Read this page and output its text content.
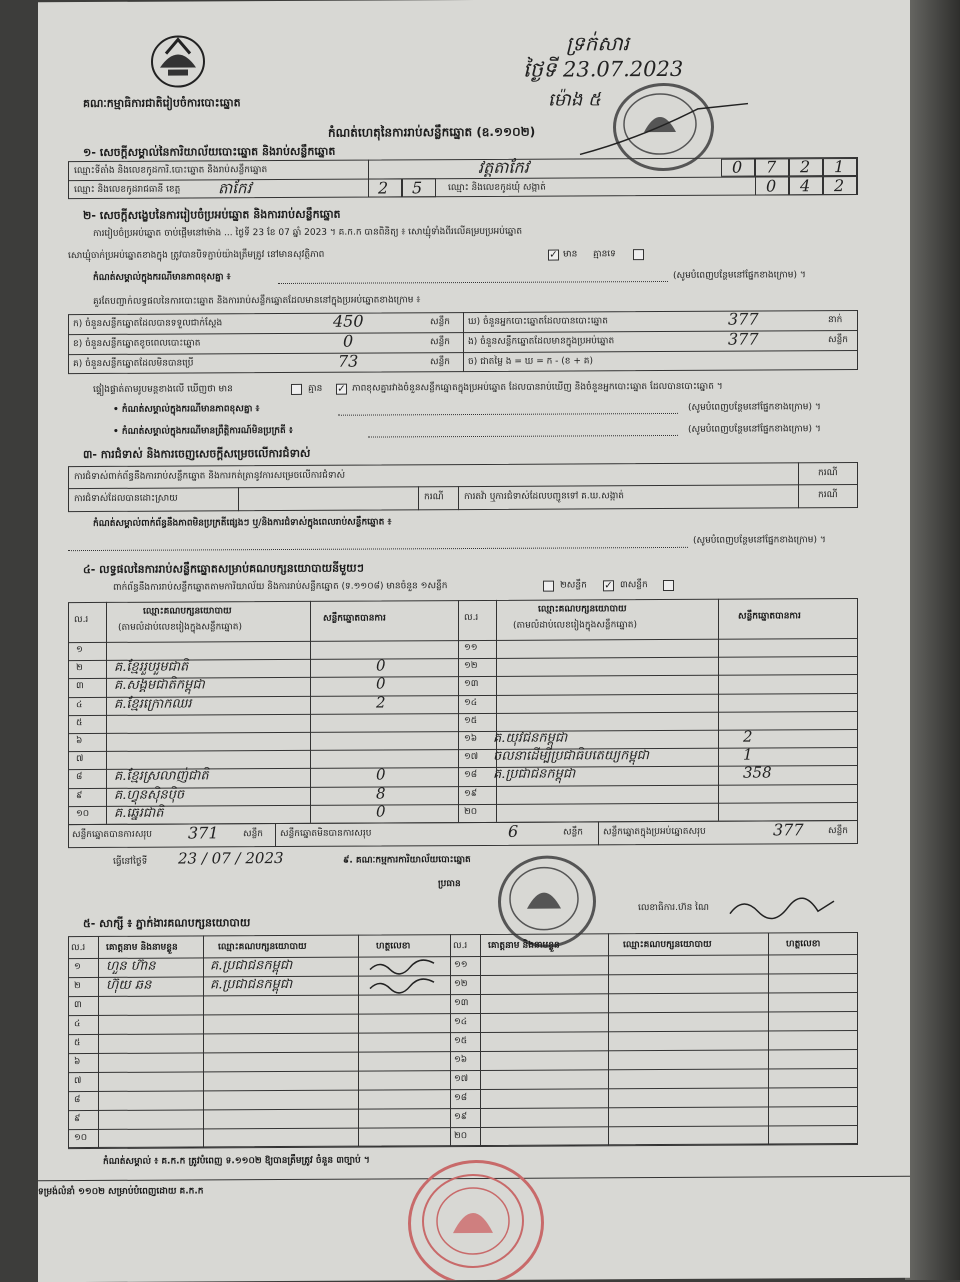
គណៈកម្មាធិការជាតិរៀបចំការបោះឆ្នោត
ទ្រក់សារ
ថ្ងៃទី 23.07.2023
ម៉ោង ៥
កំណត់ហេតុនៃការរាប់សន្លឹកឆ្នោត (ឧ.១១០២)
១- សេចក្ដីសម្គាល់នៃការិយាល័យបោះឆ្នោត និងរាប់សន្លឹកឆ្នោត
ឈ្មោះទីតាំង និងលេខកូដការិ.បោះឆ្នោត និងរាប់សន្លឹកឆ្នោត	វត្តតាកែវ	0 7 2 1
ឈ្មោះ និងលេខកូដរាជធានី ខេត្ត	តាកែវ	2 5	ឈ្មោះ និងលេខកូដឃុំ សង្កាត់	0 4 2
២- សេចក្ដីសង្ខេបនៃការរៀបចំប្រអប់ឆ្នោត និងការរាប់សន្លឹកឆ្នោត
ការរៀបចំប្រអប់ឆ្នោត ចាប់ផ្ដើមនៅម៉ោង ... ថ្ងៃទី 23 ខែ 07 ឆ្នាំ 2023 ។ គ.ក.ក បានពិនិត្យ ៖ សោឃ្មុំទាំងពីរលើគម្របប្រអប់ឆ្នោត
សោឃ្មុំចាក់ប្រអប់ឆ្នោតខាងក្នុង ត្រូវបានបិទភ្ជាប់យ៉ាងត្រឹមត្រូវ នៅមានសុវត្ថិភាព	✓ មាន គ្មានទេ
កំណត់សម្គាល់ក្នុងករណីមានភាពខុសគ្នា ៖	(សូមបំពេញបន្ថែមនៅផ្នែកខាងក្រោម) ។
គួរតែបញ្ជាក់លទ្ធផលនៃការបោះឆ្នោត និងការរាប់សន្លឹកឆ្នោតដែលមាននៅក្នុងប្រអប់ឆ្នោតខាងក្រោម ៖
ក) ចំនួនសន្លឹកឆ្នោតដែលបានទទួលជាក់ស្ដែង	450	សន្លឹក ឃ) ចំនួនអ្នកបោះឆ្នោតដែលបានបោះឆ្នោត	377	នាក់
ខ) ចំនួនសន្លឹកឆ្នោតខូចពេលបោះឆ្នោត	0	សន្លឹក ង) ចំនួនសន្លឹកឆ្នោតដែលមានក្នុងប្រអប់ឆ្នោត	377	សន្លឹក
គ) ចំនួនសន្លឹកឆ្នោតដែលមិនបានប្រើ	73	សន្លឹក ច) ជាតម្លៃ ង = ឃ = ក - (ខ + គ)
ផ្ទៀងផ្ទាត់តាមរូបមន្តខាងលើ ឃើញថា មាន	គ្មាន ✓ ភាពខុសគ្នារវាងចំនួនសន្លឹកឆ្នោតក្នុងប្រអប់ឆ្នោត ដែលបានរាប់ឃើញ និងចំនួនអ្នកបោះឆ្នោត ដែលបានបោះឆ្នោត ។
• កំណត់សម្គាល់ក្នុងករណីមានភាពខុសគ្នា ៖	(សូមបំពេញបន្ថែមនៅផ្នែកខាងក្រោម) ។
• កំណត់សម្គាល់ក្នុងករណីមានព្រឹត្តិការណ៍មិនប្រក្រតី ៖	(សូមបំពេញបន្ថែមនៅផ្នែកខាងក្រោម) ។
៣- ការជំទាស់ និងការចេញសេចក្ដីសម្រេចលើការជំទាស់
ការជំទាស់ពាក់ព័ន្ធនឹងការរាប់សន្លឹកឆ្នោត និងការកត់ត្រានូវការសម្រេចលើការជំទាស់	ករណី
ការជំទាស់ដែលបានដោះស្រាយ	ករណី ការតវ៉ា ឬការជំទាស់ដែលបញ្ជូនទៅ គ.ឃ.សង្កាត់	ករណី
កំណត់សម្គាល់ពាក់ព័ន្ធនឹងភាពមិនប្រក្រតីផ្សេងៗ ឬ/និងការជំទាស់ក្នុងពេលរាប់សន្លឹកឆ្នោត ៖
(សូមបំពេញបន្ថែមនៅផ្នែកខាងក្រោម) ។
៤- លទ្ធផលនៃការរាប់សន្លឹកឆ្នោតសម្រាប់គណបក្សនយោបាយនីមួយៗ
ពាក់ព័ន្ធនឹងការរាប់សន្លឹកឆ្នោតតាមការិយាល័យ និងការរាប់សន្លឹកឆ្នោត (ទ.១១០៨) មានចំនួន ១សន្លឹក	២សន្លឹក ✓ ៣សន្លឹក
ល.រ
ឈ្មោះគណបក្សនយោបាយ
(តាមលំដាប់លេខរៀងក្នុងសន្លឹកឆ្នោត)
សន្លឹកឆ្នោតបានការ	ល.រ
ឈ្មោះគណបក្សនយោបាយ
(តាមលំដាប់លេខរៀងក្នុងសន្លឹកឆ្នោត)
សន្លឹកឆ្នោតបានការ
១
២ គ.ខ្មែររួបរួមជាតិ	0
៣ គ.សង្គមជាតិកម្ពុជា	0
៤ គ.ខ្មែរក្រោកឈរ	2
៥
៦
៧
៨ គ.ខ្មែរស្រលាញ់ជាតិ	0
៩ គ.ហ្វុនស៊ិនប៉ិច	8
១០ គ.ឆ្នេរជាតិ	0
១១
១២
១៣
១៤
១៥
១៦ គ.យុវជនកម្ពុជា	2
១៧ ចលនាដើម្បីប្រជាធិបតេយ្យកម្ពុជា	1
១៨ គ.ប្រជាជនកម្ពុជា	358
១៩
២០
សន្លឹកឆ្នោតបានការសរុប 371	សន្លឹក សន្លឹកឆ្នោតមិនបានការសរុប	6	សន្លឹក សន្លឹកឆ្នោតក្នុងប្រអប់ឆ្នោតសរុប	377	សន្លឹក
ធ្វើនៅថ្ងៃទី 23 / 07 / 2023	៩. គណៈកម្មការការិយាល័យបោះឆ្នោត
ប្រធាន
លេខាធិការ.ហ៊ន ណៃ
៥- សាក្សី ៖ ភ្នាក់ងារគណបក្សនយោបាយ
ល.រ គោត្តនាម និងនាមខ្លួន	ឈ្មោះគណបក្សនយោបាយ	ហត្ថលេខា	ល.រ គោត្តនាម និងនាមខ្លួន	ឈ្មោះគណបក្សនយោបាយ	ហត្ថលេខា
១ ហួន ហ៊ាន	គ.ប្រជាជនកម្ពុជា
២ ហ៊ុយ ឆន	គ.ប្រជាជនកម្ពុជា
៣
៤
៥
៦
៧
៨
៩
១០
១១
១២
១៣
១៤
១៥
១៦
១៧
១៨
១៩
២០
កំណត់សម្គាល់ ៖ គ.ក.ក ត្រូវបំពេញ ទ.១១០២ ឱ្យបានត្រឹមត្រូវ ចំនួន ៣ច្បាប់ ។
ទម្រង់លំនាំ ១១០២ សម្រាប់បំពេញដោយ គ.ក.ក
